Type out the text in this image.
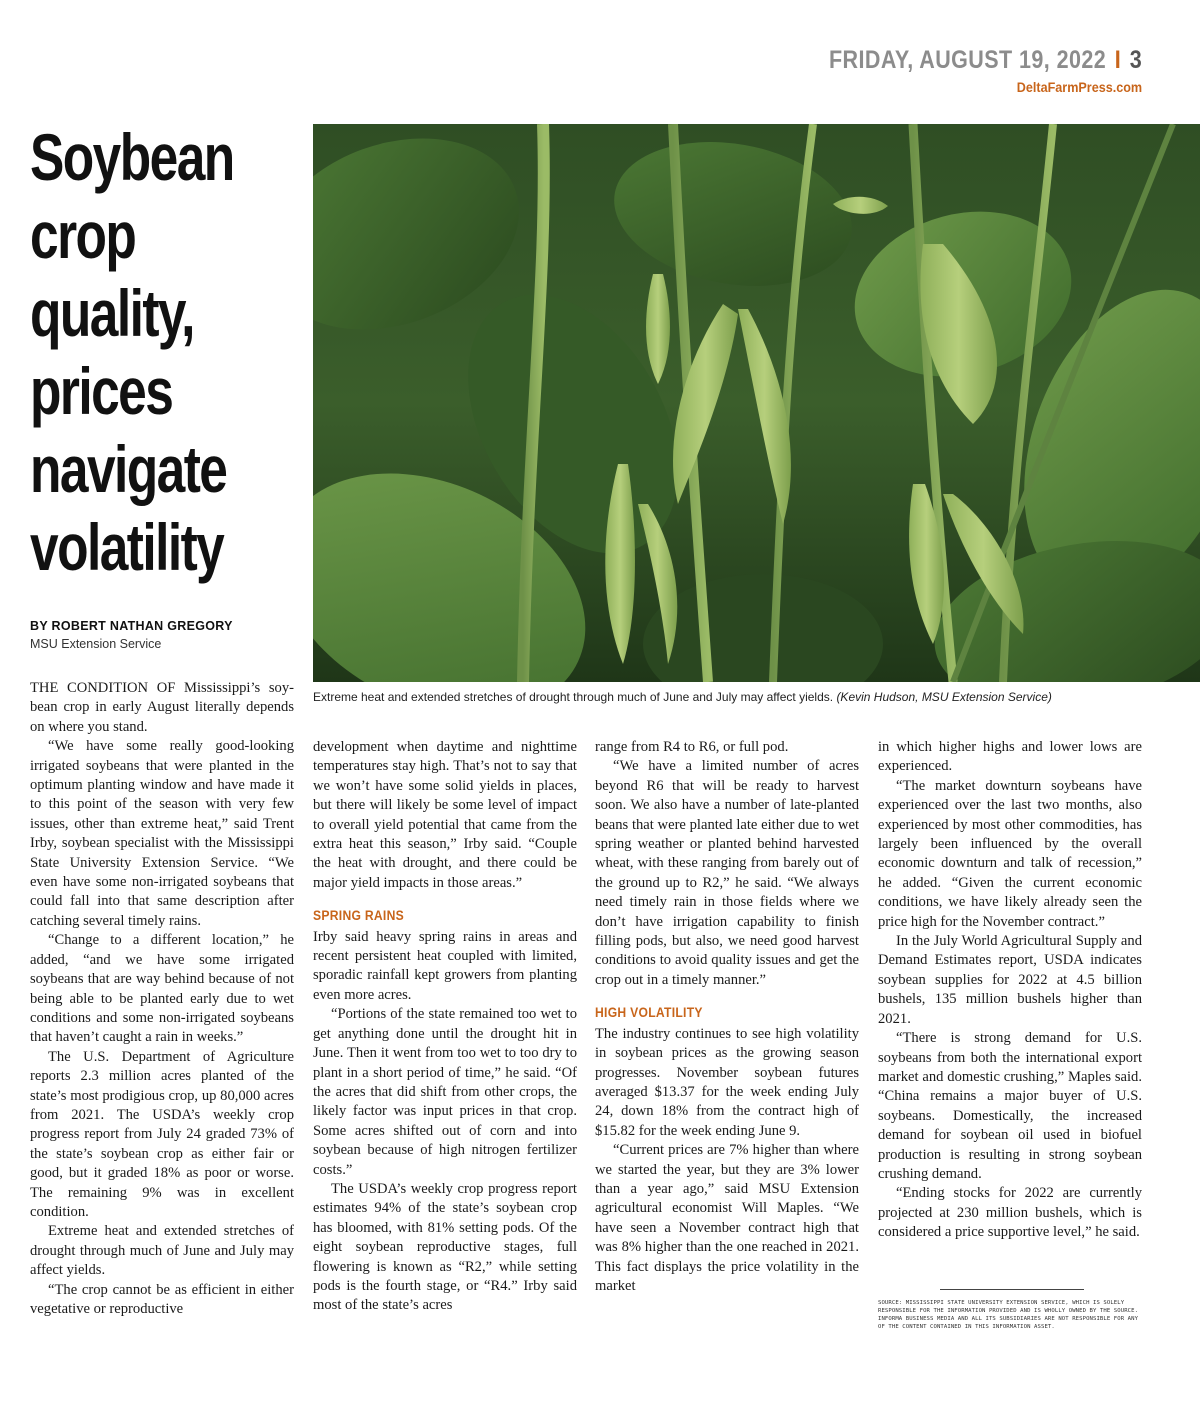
FRIDAY, AUGUST 19, 2022 I 3
DeltaFarmPress.com
Soybean
crop
quality,
prices
navigate
volatility
BY ROBERT NATHAN GREGORY
MSU Extension Service
Extreme heat and extended stretches of drought through much of June and July may affect yields. (Kevin Hudson, MSU Extension Service)

THE CONDITION OF Mississippi’s soybean crop in early August literally depends on where you stand.

“We have some really good-looking irrigated soybeans that were planted in the optimum planting window and have made it to this point of the season with very few issues, other than extreme heat,” said Trent Irby, soybean specialist with the Mississippi State University Extension Service. “We even have some non-irrigated soybeans that could fall into that same description after catching several timely rains.

“Change to a different location,” he added, “and we have some irrigated soybeans that are way behind because of not being able to be planted early due to wet conditions and some non-irrigated soybeans that haven’t caught a rain in weeks.”

The U.S. Department of Agriculture reports 2.3 million acres planted of the state’s most prodigious crop, up 80,000 acres from 2021. The USDA’s weekly crop progress report from July 24 graded 73% of the state’s soybean crop as either fair or good, but it graded 18% as poor or worse. The remaining 9% was in excellent condition.

Extreme heat and extended stretches of drought through much of June and July may affect yields.

“The crop cannot be as efficient in either vegetative or reproductive

development when daytime and nighttime temperatures stay high. That’s not to say that we won’t have some solid yields in places, but there will likely be some level of impact to overall yield potential that came from the extra heat this season,” Irby said. “Couple the heat with drought, and there could be major yield impacts in those areas.”

SPRING RAINS

Irby said heavy spring rains in areas and recent persistent heat coupled with limited, sporadic rainfall kept growers from planting even more acres.

“Portions of the state remained too wet to get anything done until the drought hit in June. Then it went from too wet to too dry to plant in a short period of time,” he said. “Of the acres that did shift from other crops, the likely factor was input prices in that crop. Some acres shifted out of corn and into soybean because of high nitrogen fertilizer costs.”

The USDA’s weekly crop progress report estimates 94% of the state’s soybean crop has bloomed, with 81% setting pods. Of the eight soybean reproductive stages, full flowering is known as “R2,” while setting pods is the fourth stage, or “R4.” Irby said most of the state’s acres

range from R4 to R6, or full pod.

“We have a limited number of acres beyond R6 that will be ready to harvest soon. We also have a number of late-planted beans that were planted late either due to wet spring weather or planted behind harvested wheat, with these ranging from barely out of the ground up to R2,” he said. “We always need timely rain in those fields where we don’t have irrigation capability to finish filling pods, but also, we need good harvest conditions to avoid quality issues and get the crop out in a timely manner.”

HIGH VOLATILITY

The industry continues to see high volatility in soybean prices as the growing season progresses. November soybean futures averaged $13.37 for the week ending July 24, down 18% from the contract high of $15.82 for the week ending June 9.

“Current prices are 7% higher than where we started the year, but they are 3% lower than a year ago,” said MSU Extension agricultural economist Will Maples. “We have seen a November contract high that was 8% higher than the one reached in 2021. This fact displays the price volatility in the market

in which higher highs and lower lows are experienced.

“The market downturn soybeans have experienced over the last two months, also experienced by most other commodities, has largely been influenced by the overall economic downturn and talk of recession,” he added. “Given the current economic conditions, we have likely already seen the price high for the November contract.”

In the July World Agricultural Supply and Demand Estimates report, USDA indicates soybean supplies for 2022 at 4.5 billion bushels, 135 million bushels higher than 2021.

“There is strong demand for U.S. soybeans from both the international export market and domestic crushing,” Maples said. “China remains a major buyer of U.S. soybeans. Domestically, the increased demand for soybean oil used in biofuel production is resulting in strong soybean crushing demand.

“Ending stocks for 2022 are currently projected at 230 million bushels, which is considered a price supportive level,” he said.

SOURCE: MISSISSIPPI STATE UNIVERSITY EXTENSION SERVICE, WHICH IS SOLELY RESPONSIBLE FOR THE INFORMATION PROVIDED AND IS WHOLLY OWNED BY THE SOURCE. INFORMA BUSINESS MEDIA AND ALL ITS SUBSIDIARIES ARE NOT RESPONSIBLE FOR ANY OF THE CONTENT CONTAINED IN THIS INFORMATION ASSET.
